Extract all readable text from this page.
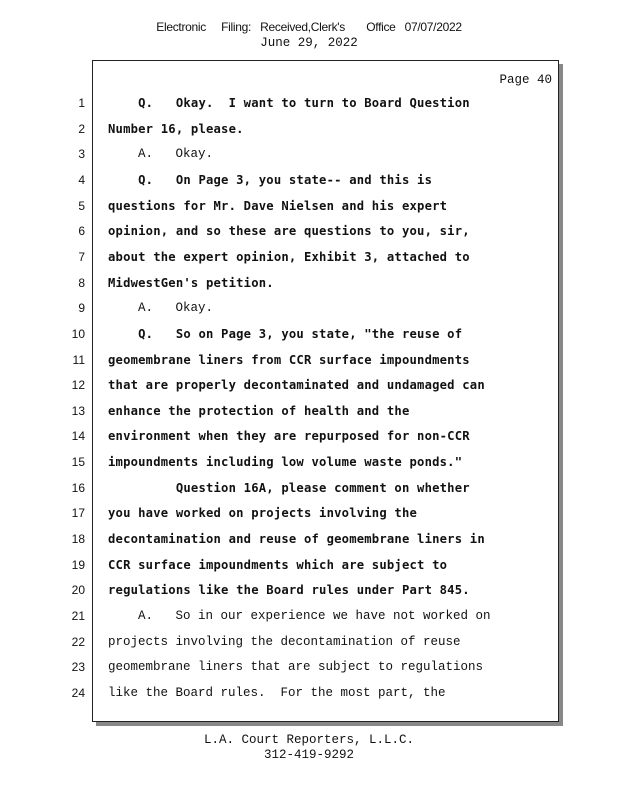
Electronic     Filing:   Received,Clerk's       Office   07/07/2022
June 29, 2022
Page 40
1 Q.   Okay.  I want to turn to Board Question
2 Number 16, please.
3 A.   Okay.
4 Q.   On Page 3, you state-- and this is
5 questions for Mr. Dave Nielsen and his expert
6 opinion, and so these are questions to you, sir,
7 about the expert opinion, Exhibit 3, attached to
8 MidwestGen's petition.
9 A.   Okay.
10 Q.   So on Page 3, you state, "the reuse of
11 geomembrane liners from CCR surface impoundments
12 that are properly decontaminated and undamaged can
13 enhance the protection of health and the
14 environment when they are repurposed for non-CCR
15 impoundments including low volume waste ponds."
16 Question 16A, please comment on whether
17 you have worked on projects involving the
18 decontamination and reuse of geomembrane liners in
19 CCR surface impoundments which are subject to
20 regulations like the Board rules under Part 845.
21 A.   So in our experience we have not worked on
22 projects involving the decontamination of reuse
23 geomembrane liners that are subject to regulations
24 like the Board rules.  For the most part, the
L.A. Court Reporters, L.L.C.
312-419-9292
